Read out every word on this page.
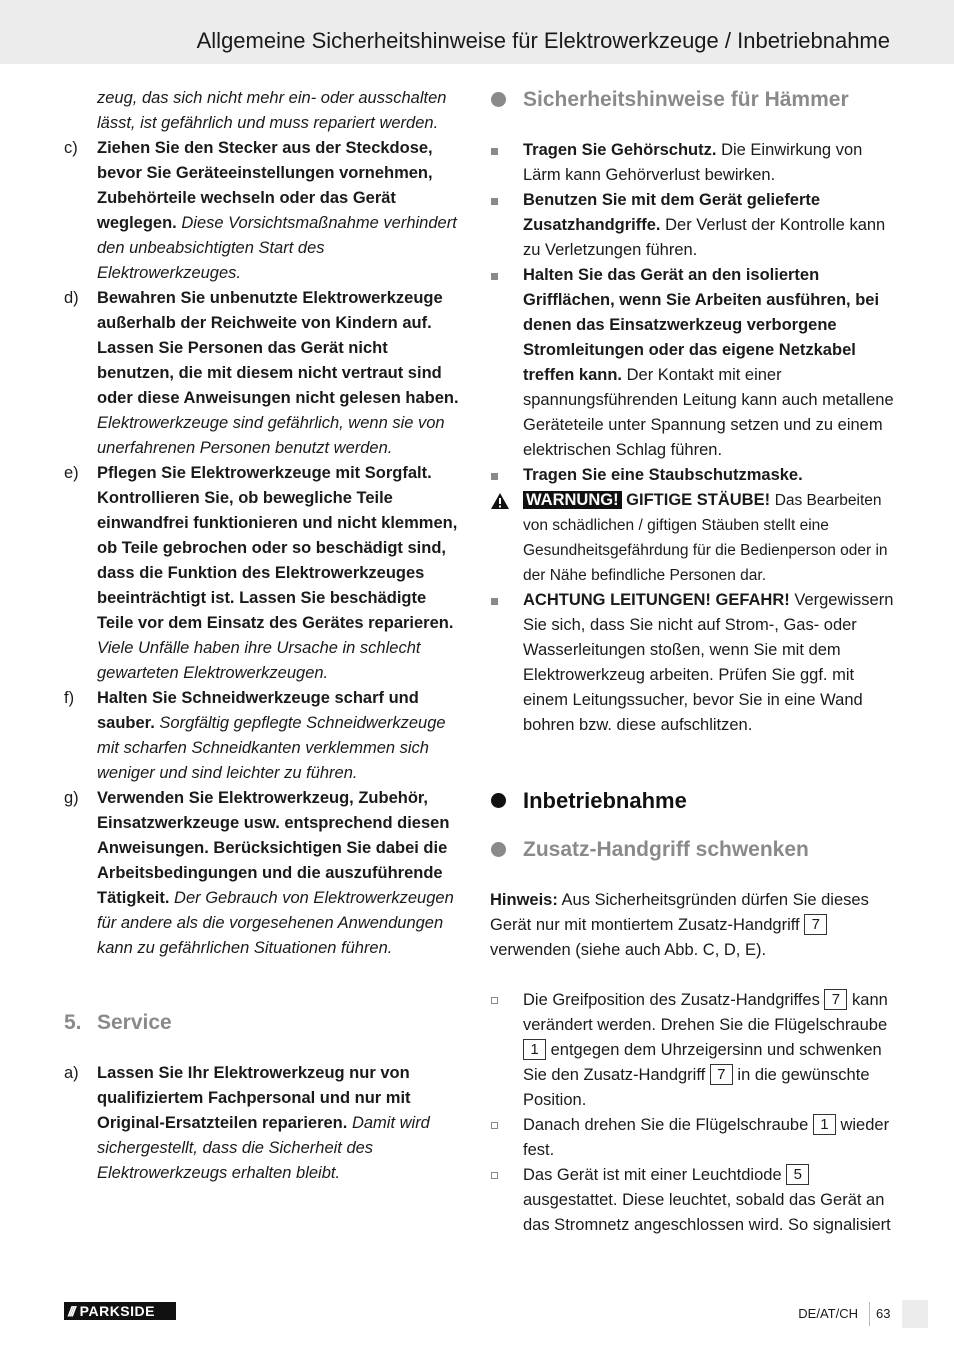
Allgemeine Sicherheitshinweise für Elektrowerkzeuge / Inbetriebnahme
zeug, das sich nicht mehr ein- oder ausschalten lässt, ist gefährlich und muss repariert werden.
c) Ziehen Sie den Stecker aus der Steckdose, bevor Sie Geräteeinstellungen vornehmen, Zubehörteile wechseln oder das Gerät weglegen. Diese Vorsichtsmaßnahme verhindert den unbeabsichtigten Start des Elektrowerkzeuges.
d) Bewahren Sie unbenutzte Elektrowerkzeuge außerhalb der Reichweite von Kindern auf. Lassen Sie Personen das Gerät nicht benutzen, die mit diesem nicht vertraut sind oder diese Anweisungen nicht gelesen haben. Elektrowerkzeuge sind gefährlich, wenn sie von unerfahrenen Personen benutzt werden.
e) Pflegen Sie Elektrowerkzeuge mit Sorgfalt. Kontrollieren Sie, ob bewegliche Teile einwandfrei funktionieren und nicht klemmen, ob Teile gebrochen oder so beschädigt sind, dass die Funktion des Elektrowerkzeuges beeinträchtigt ist. Lassen Sie beschädigte Teile vor dem Einsatz des Gerätes reparieren. Viele Unfälle haben ihre Ursache in schlecht gewarteten Elektrowerkzeugen.
f) Halten Sie Schneidwerkzeuge scharf und sauber. Sorgfältig gepflegte Schneidwerkzeuge mit scharfen Schneidkanten verklemmen sich weniger und sind leichter zu führen.
g) Verwenden Sie Elektrowerkzeug, Zubehör, Einsatzwerkzeuge usw. entsprechend diesen Anweisungen. Berücksichtigen Sie dabei die Arbeitsbedingungen und die auszuführende Tätigkeit. Der Gebrauch von Elektrowerkzeugen für andere als die vorgesehenen Anwendungen kann zu gefährlichen Situationen führen.
5. Service
a) Lassen Sie Ihr Elektrowerkzeug nur von qualifiziertem Fachpersonal und nur mit Original-Ersatzteilen reparieren. Damit wird sichergestellt, dass die Sicherheit des Elektrowerkzeugs erhalten bleibt.
Sicherheitshinweise für Hämmer
Tragen Sie Gehörschutz. Die Einwirkung von Lärm kann Gehörverlust bewirken.
Benutzen Sie mit dem Gerät gelieferte Zusatzhandgriffe. Der Verlust der Kontrolle kann zu Verletzungen führen.
Halten Sie das Gerät an den isolierten Grifflächen, wenn Sie Arbeiten ausführen, bei denen das Einsatzwerkzeug verborgene Stromleitungen oder das eigene Netzkabel treffen kann. Der Kontakt mit einer spannungsführenden Leitung kann auch metallene Geräteteile unter Spannung setzen und zu einem elektrischen Schlag führen.
Tragen Sie eine Staubschutzmaske.
WARNUNG! GIFTIGE STÄUBE! Das Bearbeiten von schädlichen / giftigen Stäuben stellt eine Gesundheitsgefährdung für die Bedienperson oder in der Nähe befindliche Personen dar.
ACHTUNG LEITUNGEN! GEFAHR! Vergewissern Sie sich, dass Sie nicht auf Strom-, Gas- oder Wasserleitungen stoßen, wenn Sie mit dem Elektrowerkzeug arbeiten. Prüfen Sie ggf. mit einem Leitungssucher, bevor Sie in eine Wand bohren bzw. diese aufschlitzen.
Inbetriebnahme
Zusatz-Handgriff schwenken
Hinweis: Aus Sicherheitsgründen dürfen Sie dieses Gerät nur mit montiertem Zusatz-Handgriff 7 verwenden (siehe auch Abb. C, D, E).
Die Greifposition des Zusatz-Handgriffes 7 kann verändert werden. Drehen Sie die Flügelschraube 1 entgegen dem Uhrzeigersinn und schwenken Sie den Zusatz-Handgriff 7 in die gewünschte Position.
Danach drehen Sie die Flügelschraube 1 wieder fest.
Das Gerät ist mit einer Leuchtdiode 5 ausgestattet. Diese leuchtet, sobald das Gerät an das Stromnetz angeschlossen wird. So signalisiert
/// PARKSIDE	DE/AT/CH 63
